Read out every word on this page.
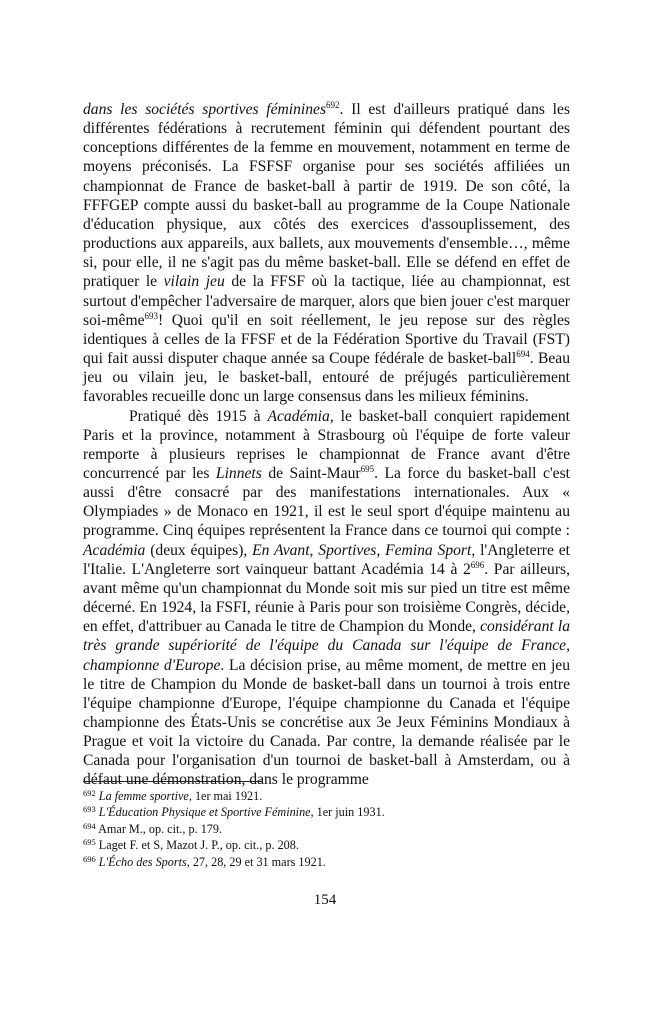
dans les sociétés sportives féminines$^{692}$. Il est d'ailleurs pratiqué dans les différentes fédérations à recrutement féminin qui défendent pourtant des conceptions différentes de la femme en mouvement, notamment en terme de moyens préconisés. La FSFSF organise pour ses sociétés affiliées un championnat de France de basket-ball à partir de 1919. De son côté, la FFFGEP compte aussi du basket-ball au programme de la Coupe Nationale d'éducation physique, aux côtés des exercices d'assouplissement, des productions aux appareils, aux ballets, aux mouvements d'ensemble…, même si, pour elle, il ne s'agit pas du même basket-ball. Elle se défend en effet de pratiquer le vilain jeu de la FFSF où la tactique, liée au championnat, est surtout d'empêcher l'adversaire de marquer, alors que bien jouer c'est marquer soi-même$^{693}$! Quoi qu'il en soit réellement, le jeu repose sur des règles identiques à celles de la FFSF et de la Fédération Sportive du Travail (FST) qui fait aussi disputer chaque année sa Coupe fédérale de basket-ball$^{694}$. Beau jeu ou vilain jeu, le basket-ball, entouré de préjugés particulièrement favorables recueille donc un large consensus dans les milieux féminins.

Pratiqué dès 1915 à Académia, le basket-ball conquiert rapidement Paris et la province, notamment à Strasbourg où l'équipe de forte valeur remporte à plusieurs reprises le championnat de France avant d'être concurrencé par les Linnets de Saint-Maur$^{695}$. La force du basket-ball c'est aussi d'être consacré par des manifestations internationales. Aux « Olympiades » de Monaco en 1921, il est le seul sport d'équipe maintenu au programme. Cinq équipes représentent la France dans ce tournoi qui compte : Académia (deux équipes), En Avant, Sportives, Femina Sport, l'Angleterre et l'Italie. L'Angleterre sort vainqueur battant Académia 14 à $2^{696}$. Par ailleurs, avant même qu'un championnat du Monde soit mis sur pied un titre est même décerné. En 1924, la FSFI, réunie à Paris pour son troisième Congrès, décide, en effet, d'attribuer au Canada le titre de Champion du Monde, considérant la très grande supériorité de l'équipe du Canada sur l'équipe de France, championne d'Europe. La décision prise, au même moment, de mettre en jeu le titre de Champion du Monde de basket-ball dans un tournoi à trois entre l'équipe championne d'Europe, l'équipe championne du Canada et l'équipe championne des États-Unis se concrétise aux 3e Jeux Féminins Mondiaux à Prague et voit la victoire du Canada. Par contre, la demande réalisée par le Canada pour l'organisation d'un tournoi de basket-ball à Amsterdam, ou à défaut une démonstration, dans le programme

$^{692}$ La femme sportive, 1er mai 1921.
$^{693}$ L'Éducation Physique et Sportive Féminine, 1er juin 1931.
$^{694}$ Amar M., op. cit., p. 179.
$^{695}$ Laget F. et S, Mazot J. P., op. cit., p. 208.
$^{696}$ L'Écho des Sports, 27, 28, 29 et 31 mars 1921.
154
